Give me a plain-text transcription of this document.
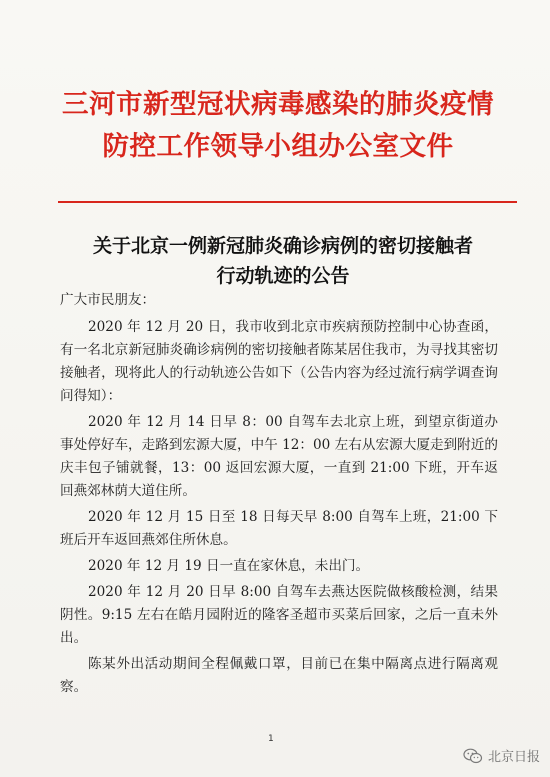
三河市新型冠状病毒感染的肺炎疫情
防控工作领导小组办公室文件
关于北京一例新冠肺炎确诊病例的密切接触者
行动轨迹的公告

广大市民朋友：

2020 年 12 月 20 日，我市收到北京市疾病预防控制中心协查函，有一名北京新冠肺炎确诊病例的密切接触者陈某居住我市，为寻找其密切接触者，现将此人的行动轨迹公告如下（公告内容为经过流行病学调查询问得知）：

2020 年 12 月 14 日早 8：00 自驾车去北京上班，到望京街道办事处停好车，走路到宏源大厦，中午 12：00 左右从宏源大厦走到附近的庆丰包子铺就餐，13：00 返回宏源大厦，一直到 21:00 下班，开车返回燕郊林荫大道住所。

2020 年 12 月 15 日至 18 日每天早 8:00 自驾车上班，21:00 下班后开车返回燕郊住所休息。

2020 年 12 月 19 日一直在家休息，未出门。

2020 年 12 月 20 日早 8:00 自驾车去燕达医院做核酸检测，结果阴性。9:15 左右在皓月园附近的隆客圣超市买菜后回家，之后一直未外出。

陈某外出活动期间全程佩戴口罩，目前已在集中隔离点进行隔离观察。

1
北京日报
